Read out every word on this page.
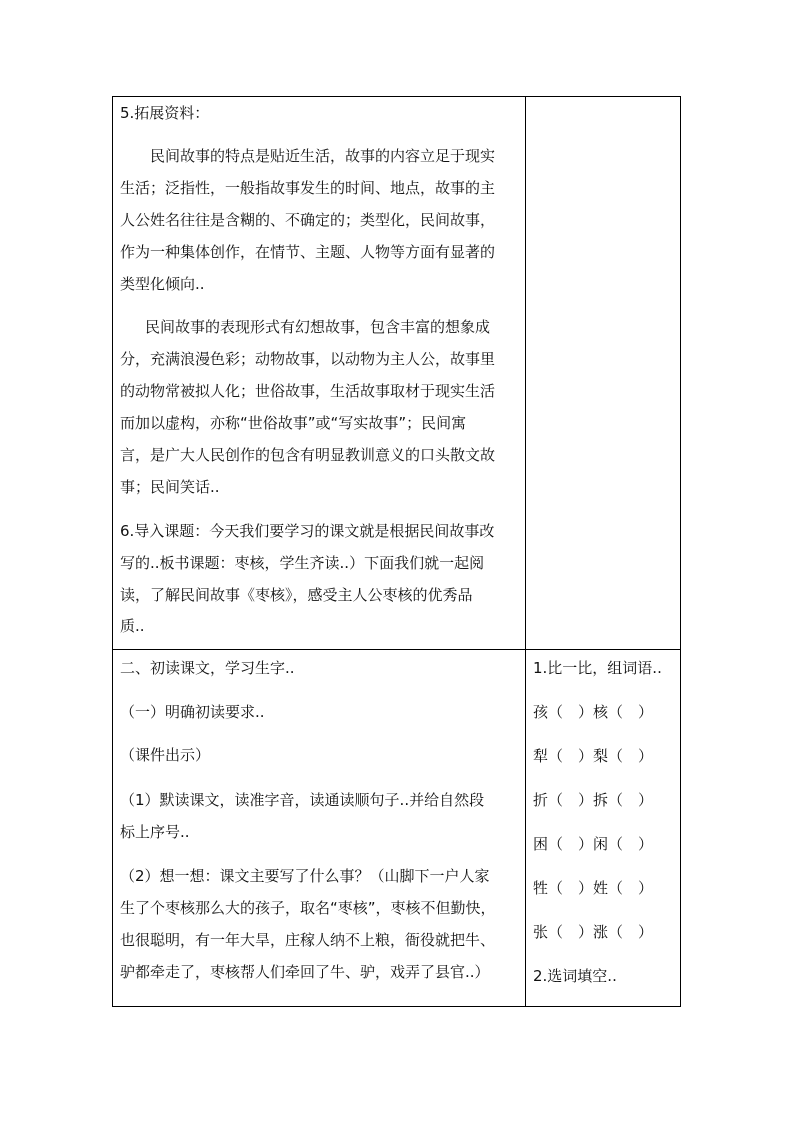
5.拓展资料：
民间故事的特点是贴近生活，故事的内容立足于现实
生活；泛指性，一般指故事发生的时间、地点，故事的主
人公姓名往往是含糊的、不确定的；类型化，民间故事，
作为一种集体创作，在情节、主题、人物等方面有显著的
类型化倾向..
民间故事的表现形式有幻想故事，包含丰富的想象成
分，充满浪漫色彩；动物故事，以动物为主人公，故事里
的动物常被拟人化；世俗故事，生活故事取材于现实生活
而加以虚构，亦称“世俗故事”或“写实故事”；民间寓
言，是广大人民创作的包含有明显教训意义的口头散文故
事；民间笑话..
6.导入课题：今天我们要学习的课文就是根据民间故事改
写的..板书课题：枣核，学生齐读..）下面我们就一起阅
读，了解民间故事《枣核》，感受主人公枣核的优秀品
质..
二、初读课文，学习生字..
（一）明确初读要求..
（课件出示）
（1）默读课文，读准字音，读通读顺句子..并给自然段
标上序号..
（2）想一想：课文主要写了什么事？（山脚下一户人家
生了个枣核那么大的孩子，取名“枣核”，枣核不但勤快，
也很聪明，有一年大旱，庄稼人纳不上粮，衙役就把牛、
驴都牵走了，枣核帮人们牵回了牛、驴，戏弄了县官..）
1.比一比，组词语..
孩（　）核（　）
犁（　）梨（　）
折（　）拆（　）
困（　）闲（　）
牲（　）姓（　）
张（　）涨（　）
2.选词填空..
